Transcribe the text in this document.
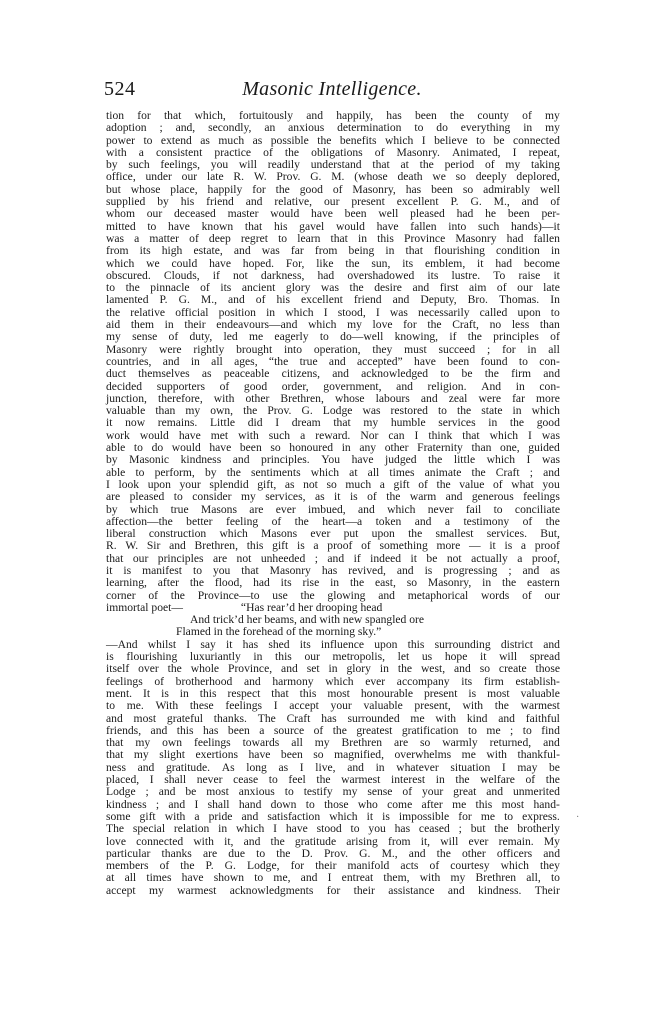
524	Masonic Intelligence.
tion for that which, fortuitously and happily, has been the county of my
adoption ; and, secondly, an anxious determination to do everything in my
power to extend as much as possible the benefits which I believe to be connected
with a consistent practice of the obligations of Masonry. Animated, I repeat,
by such feelings, you will readily understand that at the period of my taking
office, under our late R. W. Prov. G. M. (whose death we so deeply deplored,
but whose place, happily for the good of Masonry, has been so admirably well
supplied by his friend and relative, our present excellent P. G. M., and of
whom our deceased master would have been well pleased had he been per-
mitted to have known that his gavel would have fallen into such hands)—it
was a matter of deep regret to learn that in this Province Masonry had fallen
from its high estate, and was far from being in that flourishing condition in
which we could have hoped. For, like the sun, its emblem, it had become
obscured. Clouds, if not darkness, had overshadowed its lustre. To raise it
to the pinnacle of its ancient glory was the desire and first aim of our late
lamented P. G. M., and of his excellent friend and Deputy, Bro. Thomas. In
the relative official position in which I stood, I was necessarily called upon to
aid them in their endeavours—and which my love for the Craft, no less than
my sense of duty, led me eagerly to do—well knowing, if the principles of
Masonry were rightly brought into operation, they must succeed ; for in all
countries, and in all ages, “the true and accepted” have been found to con-
duct themselves as peaceable citizens, and acknowledged to be the firm and
decided supporters of good order, government, and religion. And in con-
junction, therefore, with other Brethren, whose labours and zeal were far more
valuable than my own, the Prov. G. Lodge was restored to the state in which
it now remains. Little did I dream that my humble services in the good
work would have met with such a reward. Nor can I think that which I was
able to do would have been so honoured in any other Fraternity than one, guided
by Masonic kindness and principles. You have judged the little which I was
able to perform, by the sentiments which at all times animate the Craft ; and
I look upon your splendid gift, as not so much a gift of the value of what you
are pleased to consider my services, as it is of the warm and generous feelings
by which true Masons are ever imbued, and which never fail to conciliate
affection—the better feeling of the heart—a token and a testimony of the
liberal construction which Masons ever put upon the smallest services. But,
R. W. Sir and Brethren, this gift is a proof of something more — it is a proof
that our principles are not unheeded ; and if indeed it be not actually a proof,
it is manifest to you that Masonry has revived, and is progressing ; and as
learning, after the flood, had its rise in the east, so Masonry, in the eastern
corner of the Province—to use the glowing and metaphorical words of our
immortal poet—                    “Has rear’d her drooping head
And trick’d her beams, and with new spangled ore
Flamed in the forehead of the morning sky.”
—And whilst I say it has shed its influence upon this surrounding district and
is flourishing luxuriantly in this our metropolis, let us hope it will spread
itself over the whole Province, and set in glory in the west, and so create those
feelings of brotherhood and harmony which ever accompany its firm establish-
ment. It is in this respect that this most honourable present is most valuable
to me. With these feelings I accept your valuable present, with the warmest
and most grateful thanks. The Craft has surrounded me with kind and faithful
friends, and this has been a source of the greatest gratification to me ; to find
that my own feelings towards all my Brethren are so warmly returned, and
that my slight exertions have been so magnified, overwhelms me with thankful-
ness and gratitude. As long as I live, and in whatever situation I may be
placed, I shall never cease to feel the warmest interest in the welfare of the
Lodge ; and be most anxious to testify my sense of your great and unmerited
kindness ; and I shall hand down to those who come after me this most hand-
some gift with a pride and satisfaction which it is impossible for me to express.
The special relation in which I have stood to you has ceased ; but the brotherly
love connected with it, and the gratitude arising from it, will ever remain. My
particular thanks are due to the D. Prov. G. M., and the other officers and
members of the P. G. Lodge, for their manifold acts of courtesy which they
at all times have shown to me, and I entreat them, with my Brethren all, to
accept my warmest acknowledgments for their assistance and kindness. Their
·
